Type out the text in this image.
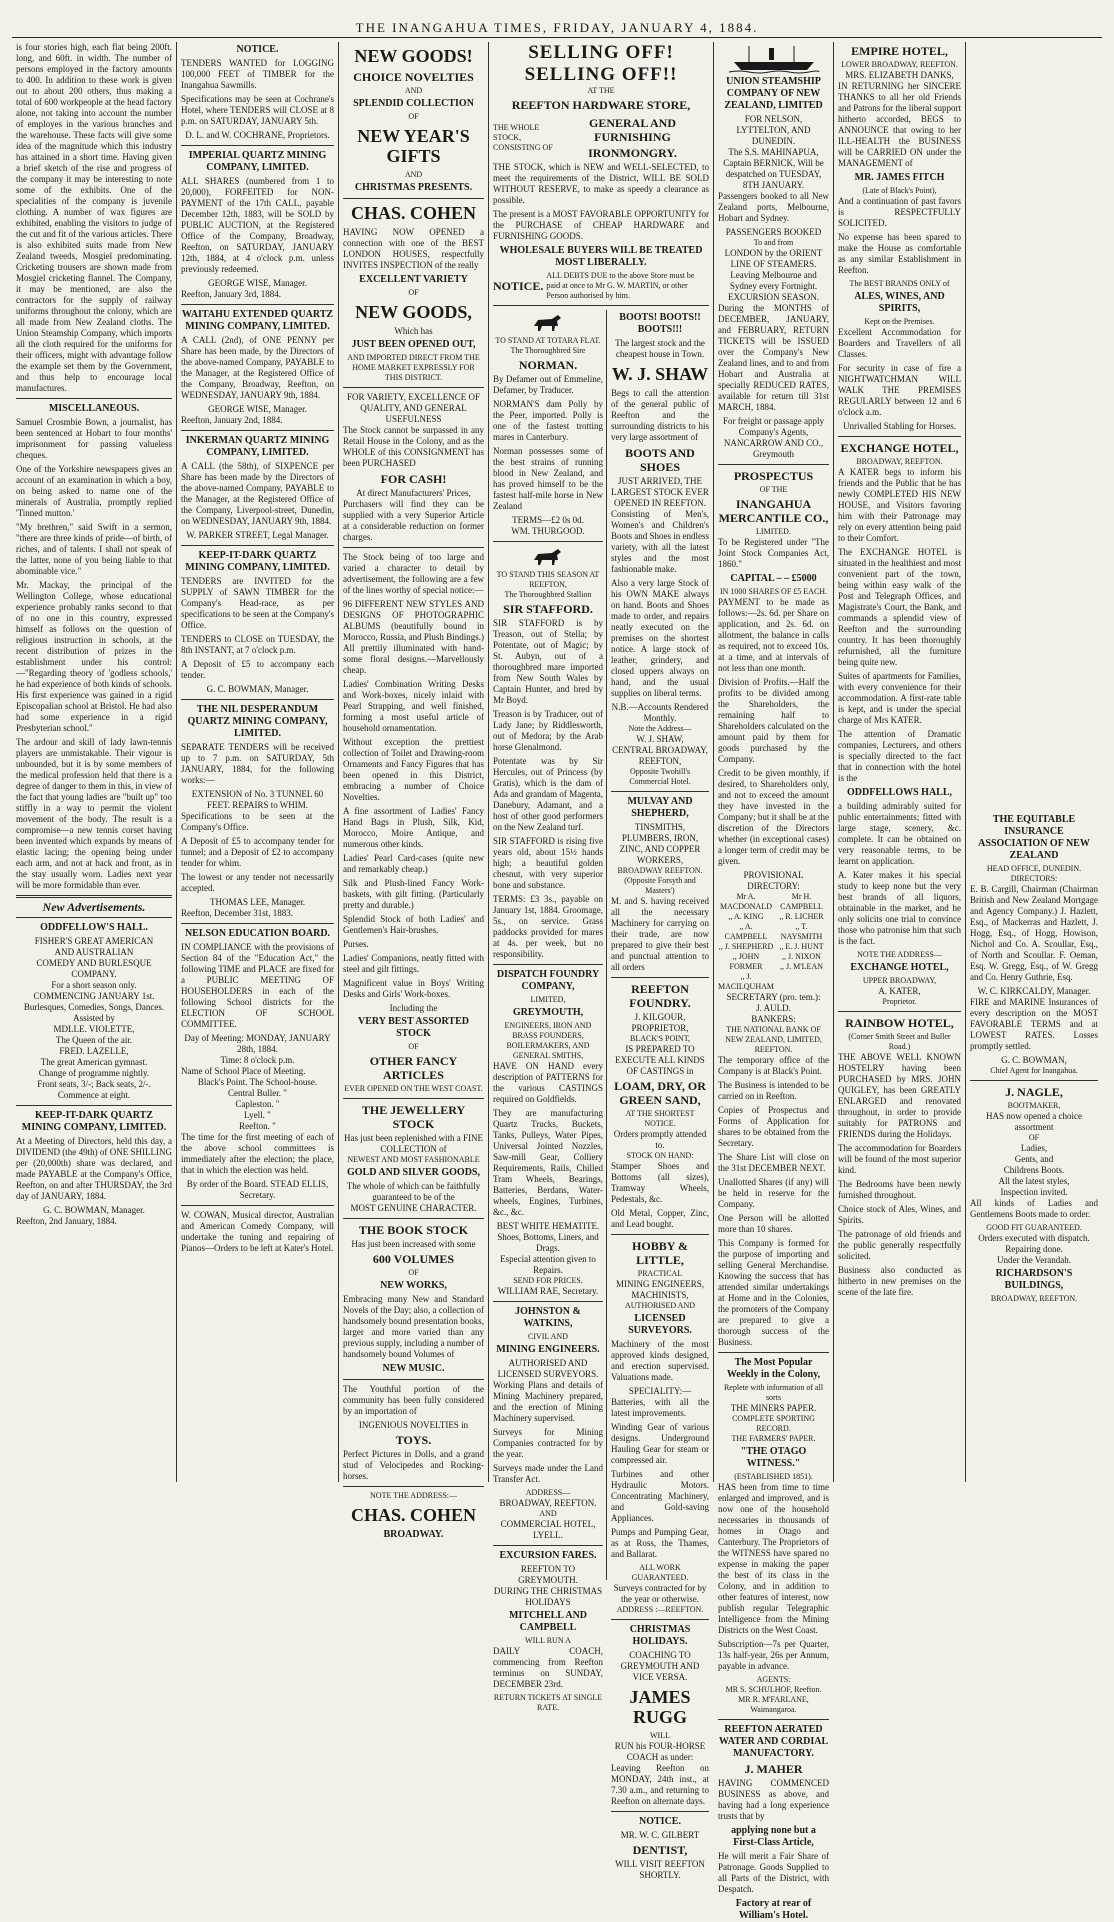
THE INANGAHUA TIMES, FRIDAY, JANUARY 4, 1884.

is four stories high, each flat being 200ft. long, and 60ft. in width. The number of persons employed in the factory amounts to 400. In addition to these work is given out to about 200 others, thus making a total of 600 workpeople at the head factory alone, not taking into account the number of employes in the various branches and the warehouse. These facts will give some idea of the magnitude which this industry has attained in a short time. Having given a brief sketch of the rise and progress of the company it may be interesting to note some of the exhibits. One of the specialities of the company is juvenile clothing. A number of wax figures are exhibited, enabling the visitors to judge of the cut and fit of the various articles. There is also exhibited suits made from New Zealand tweeds, Mosgiel predominating. Cricketing trousers are shown made from Mosgiel cricketing flannel. The Company, it may be mentioned, are also the contractors for the supply of railway uniforms throughout the colony, which are all made from New Zealand cloths. The Union Steamship Company, which imports all the cloth required for the uniforms for their officers, might with advantage follow the example set them by the Government, and thus help to encourage local manufactures.

MISCELLANEOUS.

Samuel Crosmbie Bown, a journalist, has been sentenced at Hobart to four months' imprisonment for passing valueless cheques.

One of the Yorkshire newspapers gives an account of an examination in which a boy, on being asked to name one of the minerals of Australia, promptly replied 'Tinned mutton.'

"My brethren," said Swift in a sermon, "there are three kinds of pride—of birth, of riches, and of talents. I shall not speak of the latter, none of you being liable to that abominable vice."

Mr. Mackay, the principal of the Wellington College, whose educational experience probably ranks second to that of no one in this country, expressed himself as follows on the question of religious instruction in schools, at the recent distribution of prizes in the establishment under his control:—"Regarding theory of 'godless schools,' he had experience of both kinds of schools. His first experience was gained in a rigid Episcopalian school at Bristol. He had also had some experience in a rigid Presbyterian school."

The ardour and skill of lady lawn-tennis players are unmistakable. Their vigour is unbounded, but it is by some members of the medical profession held that there is a degree of danger to them in this, in view of the fact that young ladies are "built up" too stiffly in a way to permit the violent movement of the body. The result is a compromise—a new tennis corset having been invented which expands by means of elastic lacing; the opening being under each arm, and not at back and front, as in the stay usually worn. Ladies next year will be more formidable than ever.

New Advertisements.
ODDFELLOW'S HALL.
FISHER'S GREAT AMERICAN
AND AUSTRALIAN
COMEDY AND BURLESQUE
COMPANY.
For a short season only.
COMMENCING JANUARY 1st.
Burlesques, Comedies, Songs, Dances.
Assisted by
MDLLE. VIOLETTE,
The Queen of the air.
FRED. LAZELLE,
The great American gymnast.
Change of programme nightly.
Front seats, 3/-; Back seats, 2/-.
Commence at eight.
KEEP-IT-DARK QUARTZ MINING COMPANY, LIMITED.

At a Meeting of Directors, held this day, a DIVIDEND (the 49th) of ONE SHILLING per (20,000th) share was declared, and made PAYABLE at the Company's Office, Reefton, on and after THURSDAY, the 3rd day of JANUARY, 1884.

G. C. BOWMAN, Manager.
Reefton, 2nd January, 1884.
NOTICE.

TENDERS WANTED for LOGGING 100,000 FEET of TIMBER for the Inangahua Sawmills.

Specifications may be seen at Cochrane's Hotel, where TENDERS will CLOSE at 8 p.m. on SATURDAY, JANUARY 5th.

D. L. and W. COCHRANE, Proprietors.
IMPERIAL QUARTZ MINING COMPANY, LIMITED.

ALL SHARES (numbered from 1 to 20,000), FORFEITED for NON-PAYMENT of the 17th CALL, payable December 12th, 1883, will be SOLD by PUBLIC AUCTION, at the Registered Office of the Company, Broadway, Reefton, on SATURDAY, JANUARY 12th, 1884, at 4 o'clock p.m. unless previously redeemed.

GEORGE WISE, Manager.
Reefton, January 3rd, 1884.
WAITAHU EXTENDED QUARTZ MINING COMPANY, LIMITED.

A CALL (2nd), of ONE PENNY per Share has been made, by the Directors of the above-named Company, PAYABLE to the Manager, at the Registered Office of the Company, Broadway, Reefton, on WEDNESDAY, JANUARY 9th, 1884.

GEORGE WISE, Manager.
Reefton, January 2nd, 1884.
INKERMAN QUARTZ MINING COMPANY, LIMITED.

A CALL (the 58th), of SIXPENCE per Share has been made by the Directors of the above-named Company, PAYABLE to the Manager, at the Registered Office of the Company, Liverpool-street, Dunedin, on WEDNESDAY, JANUARY 9th, 1884.

W. PARKER STREET, Legal Manager.
KEEP-IT-DARK QUARTZ MINING COMPANY, LIMITED.

TENDERS are INVITED for the SUPPLY of SAWN TIMBER for the Company's Head-race, as per specifications to be seen at the Company's Office.

TENDERS to CLOSE on TUESDAY, the 8th INSTANT, at 7 o'clock p.m.

A Deposit of £5 to accompany each tender.

G. C. BOWMAN, Manager.
THE NIL DESPERANDUM QUARTZ MINING COMPANY, LIMITED.

SEPARATE TENDERS will be received up to 7 p.m. on SATURDAY, 5th JANUARY, 1884, for the following works:—

EXTENSION of No. 3 TUNNEL 60 FEET. REPAIRS to WHIM.

Specifications to be seen at the Company's Office.

A Deposit of £5 to accompany tender for tunnel; and a Deposit of £2 to accompany tender for whim.

The lowest or any tender not necessarily accepted.

THOMAS LEE, Manager.
Reefton, December 31st, 1883.
NELSON EDUCATION BOARD.

IN COMPLIANCE with the provisions of Section 84 of the "Education Act," the following TIME and PLACE are fixed for a PUBLIC MEETING OF HOUSEHOLDERS in each of the following School districts for the ELECTION OF SCHOOL COMMITTEE.

Day of Meeting: MONDAY, JANUARY 28th, 1884.
Time: 8 o'clock p.m.
Name of School Place of Meeting.
Black's Point. The School-house.
Central Buller. "
Capleston. "
Lyell. "
Reefton. "

The time for the first meeting of each of the above school committees is immediately after the election; the place, that in which the election was held.

By order of the Board. STEAD ELLIS, Secretary.

W. COWAN, Musical director, Australian and American Comedy Company, will undertake the tuning and repairing of Pianos—Orders to be left at Kater's Hotel.

NEW GOODS!
CHOICE NOVELTIES
AND
SPLENDID COLLECTION
OF
NEW YEAR'S GIFTS
AND
CHRISTMAS PRESENTS.
CHAS. COHEN

HAVING NOW OPENED a connection with one of the BEST LONDON HOUSES, respectfully INVITES INSPECTION of the really

EXCELLENT VARIETY
OF
NEW GOODS,
Which has
JUST BEEN OPENED OUT,
AND IMPORTED DIRECT FROM THE HOME MARKET EXPRESSLY FOR THIS DISTRICT.
FOR VARIETY, EXCELLENCE OF QUALITY, AND GENERAL USEFULNESS

The Stock cannot be surpassed in any Retail House in the Colony, and as the WHOLE of this CONSIGNMENT has been PURCHASED

FOR CASH!
At direct Manufacturers' Prices,

Purchasers will find they can be supplied with a very Superior Article at a considerable reduction on former charges.

The Stock being of too large and varied a character to detail by advertisement, the following are a few of the lines worthy of special notice:—

96 DIFFERENT NEW STYLES AND DESIGNS OF PHOTOGRAPHIC ALBUMS (beautifully bound in Morocco, Russia, and Plush Bindings.) All prettily illuminated with hand-some floral designs.—Marvellously cheap.

Ladies' Combination Writing Desks and Work-boxes, nicely inlaid with Pearl Strapping, and well finished, forming a most useful article of household ornamentation.

Without exception the prettiest collection of Toilet and Drawing-room Ornaments and Fancy Figures that has been opened in this District, embracing a number of Choice Novelties.

A fine assortment of Ladies' Fancy Hand Bags in Plush, Silk, Kid, Morocco, Moire Antique, and numerous other kinds.

Ladies' Pearl Card-cases (quite new and remarkably cheap.)

Silk and Plush-lined Fancy Work-baskets, with gilt fitting. (Particularly pretty and durable.)

Splendid Stock of both Ladies' and Gentlemen's Hair-brushes.

Purses.

Ladies' Companions, neatly fitted with steel and gilt fittings.

Magnificent value in Boys' Writing Desks and Girls' Work-boxes.

Including the
VERY BEST ASSORTED STOCK
OF
OTHER FANCY ARTICLES
EVER OPENED ON THE WEST COAST.
THE JEWELLERY STOCK
Has just been replenished with a FINE COLLECTION of
NEWEST AND MOST FASHIONABLE
GOLD AND SILVER GOODS,
The whole of which can be faithfully guaranteed to be of the
MOST GENUINE CHARACTER.
THE BOOK STOCK
Has just been increased with some
600 VOLUMES
OF
NEW WORKS,

Embracing many New and Standard Novels of the Day; also, a collection of handsomely bound presentation books, larger and more varied than any previous supply, including a number of handsomely bound Volumes of

NEW MUSIC.

The Youthful portion of the community has been fully considered by an importation of

INGENIOUS NOVELTIES in
TOYS.

Perfect Pictures in Dolls, and a grand stud of Velocipedes and Rocking-horses.

NOTE THE ADDRESS:—
CHAS. COHEN
BROADWAY.
SELLING OFF! SELLING OFF!!
AT THE
REEFTON HARDWARE STORE,
THE WHOLE STOCK, CONSISTING OF
GENERAL AND FURNISHING
IRONMONGRY.

THE STOCK, which is NEW and WELL-SELECTED, to meet the requirements of the District, WILL BE SOLD WITHOUT RESERVE, to make as speedy a clearance as possible.

The present is a MOST FAVORABLE OPPORTUNITY for the PURCHASE of CHEAP HARDWARE and FURNISHING GOODS.

WHOLESALE BUYERS WILL BE TREATED MOST LIBERALLY.
NOTICE.
ALL DEBTS DUE to the above Store must be paid at once to Mr G. W. MARTIN, or other Person authorised by him.
TO STAND AT TOTARA FLAT.
The Thoroughbred Sire
NORMAN.

By Defamer out of Emmeline, Defamer, by Traducer.

NORMAN'S dam Polly by the Peer, imported. Polly is one of the fastest trotting mares in Canterbury.

Norman possesses some of the best strains of running blood in New Zealand, and has proved himself to be the fastest half-mile horse in New Zealand

TERMS—£2 0s 0d.
WM. THURGOOD.
TO STAND THIS SEASON AT REEFTON,
The Thoroughbred Stallion
SIR STAFFORD.

SIR STAFFORD is by Treason, out of Stella; by Potentate, out of Magic; by St. Aubyn, out of a thoroughbred mare imported from New South Wales by Captain Hunter, and bred by Mr Boyd.

Treason is by Traducer, out of Lady Jane; by Riddlesworth, out of Medora; by the Arab horse Glenalmond.

Potentate was by Sir Hercules, out of Princess (by Gratis), which is the dam of Ada and grandam of Magenta, Danebury, Adamant, and a host of other good performers on the New Zealand turf.

SIR STAFFORD is rising five years old, about 15½ hands high; a beautiful golden chesnut, with very superior bone and substance.

TERMS: £3 3s., payable on January 1st, 1884. Groomage, 5s., on service. Grass paddocks provided for mares at 4s. per week, but no responsibility.

DISPATCH FOUNDRY COMPANY,
LIMITED,
GREYMOUTH,
ENGINEERS, IRON AND BRASS FOUNDERS, BOILERMAKERS, AND GENERAL SMITHS,

HAVE ON HAND every description of PATTERNS for the various CASTINGS required on Goldfields.

They are manufacturing Quartz Trucks, Buckets, Tanks, Pulleys, Water Pipes, Universal Jointed Nozzles, Saw-mill Gear, Colliery Requirements, Rails, Chilled Tram Wheels, Bearings, Batteries, Berdans, Water-wheels, Engines, Turbines, &c., &c.

BEST WHITE HEMATITE.
Shoes, Bottoms, Liners, and Drags.
Especial attention given to Repairs.
SEND FOR PRICES.
WILLIAM RAE, Secretary.
JOHNSTON & WATKINS,
CIVIL AND
MINING ENGINEERS.
AUTHORISED AND LICENSED SURVEYORS.

Working Plans and details of Mining Machinery prepared, and the erection of Mining Machinery supervised.

Surveys for Mining Companies contracted for by the year.

Surveys made under the Land Transfer Act.

ADDRESS—
BROADWAY, REEFTON.
AND
COMMERCIAL HOTEL, LYELL.
EXCURSION FARES.
REEFTON TO GREYMOUTH.
DURING THE CHRISTMAS HOLIDAYS
MITCHELL AND CAMPBELL
WILL RUN A

DAILY COACH, commencing from Reefton terminus on SUNDAY, DECEMBER 23rd.

RETURN TICKETS AT SINGLE RATE.
BOOTS! BOOTS!! BOOTS!!!
The largest stock and the cheapest house in Town.
W. J. SHAW

Begs to call the attention of the general public of Reefton and the surrounding districts to his very large assortment of

BOOTS AND SHOES
JUST ARRIVED, THE LARGEST STOCK EVER OPENED IN REEFTON.

Consisting of Men's, Women's and Children's Boots and Shoes in endless variety, with all the latest styles and the most fashionable make.

Also a very large Stock of his OWN MAKE always on hand. Boots and Shoes made to order, and repairs neatly executed on the premises on the shortest notice. A large stock of leather, grindery, and closed uppers always on hand, and the usual supplies on liberal terms.

N.B.—Accounts Rendered Monthly.
Note the Address—
W. J. SHAW,
CENTRAL BROADWAY, REEFTON,
Opposite Twohill's Commercial Hotel.
MULVAY AND SHEPHERD,
TINSMITHS, PLUMBERS, IRON, ZINC, AND COPPER WORKERS,
BROADWAY REEFTON.
(Opposite Forsyth and Masters')

M. and S. having received all the necessary Machinery for carrying on their trade, are now prepared to give their best and punctual attention to all orders

REEFTON FOUNDRY.
J. KILGOUR, PROPRIETOR,
BLACK'S POINT,
IS PREPARED TO EXECUTE ALL KINDS OF CASTINGS in
LOAM, DRY, OR GREEN SAND,
AT THE SHORTEST NOTICE.
Orders promptly attended to.
STOCK ON HAND:

Stamper Shoes and Bottoms (all sizes), Tramway Wheels, Pedestals, &c.

Old Metal, Copper, Zinc, and Lead bought.

HOBBY & LITTLE,
PRACTICAL
MINING ENGINEERS, MACHINISTS,
AUTHORISED AND
LICENSED SURVEYORS.

Machinery of the most approved kinds designed, and erection supervised. Valuations made.

SPECIALITY:—

Batteries, with all the latest improvements.

Winding Gear of various designs. Underground Hauling Gear for steam or compressed air.

Turbines and other Hydraulic Motors. Concentrating Machinery, and Gold-saving Appliances.

Pumps and Pumping Gear, as at Ross, the Thames, and Ballarat.

ALL WORK GUARANTEED.
Surveys contracted for by the year or otherwise.
ADDRESS :—REEFTON.
CHRISTMAS HOLIDAYS.
COACHING TO GREYMOUTH AND VICE VERSA.
JAMES RUGG
WILL
RUN his FOUR-HORSE COACH as under:

Leaving Reefton on MONDAY, 24th inst., at 7.30 a.m., and returning to Reefton on alternate days.

NOTICE.
MR. W. C. GILBERT
DENTIST,
WILL VISIT REEFTON SHORTLY.
UNION STEAMSHIP COMPANY OF NEW ZEALAND, LIMITED
FOR NELSON, LYTTELTON, AND DUNEDIN.
The S.S. MAHINAPUA, Captain BERNICK, Will be despatched on TUESDAY, 8TH JANUARY.

Passengers booked to all New Zealand ports, Melbourne, Hobart and Sydney.

PASSENGERS BOOKED
To and from
LONDON by the ORIENT LINE OF STEAMERS. Leaving Melbourne and Sydney every Fortnight.
EXCURSION SEASON.

During the MONTHS of DECEMBER, JANUARY, and FEBRUARY, RETURN TICKETS will be ISSUED over the Company's New Zealand lines, and to and from Hobart and Australia at specially REDUCED RATES, available for return till 31st MARCH, 1884.

For freight or passage apply Company's Agents,
NANCARROW AND CO., Greymouth
PROSPECTUS
OF THE
INANGAHUA MERCANTILE CO.,
LIMITED.

To be Registered under "The Joint Stock Companies Act, 1860."

CAPITAL – – £5000
IN 1000 SHARES OF £5 EACH.

PAYMENT to be made as follows:—2s. 6d. per Share on application, and 2s. 6d. on allotment, the balance in calls as required, not to exceed 10s. at a time, and at intervals of not less than one month.

Division of Profits.—Half the profits to be divided among the Shareholders, the remaining half to Shareholders calculated on the amount paid by them for goods purchased by the Company.

Credit to be given monthly, if desired, to Shareholders only, and not to exceed the amount they have invested in the Company; but it shall be at the discretion of the Directors whether (in exceptional cases) a longer term of credit may be given.

PROVISIONAL DIRECTORY:
Mr A. MACDONALD
,, A. KING
,, A. CAMPBELL
,, J. SHEPHERD
,, JOHN FORMER
,, J. MACILQUHAM
Mr H. CAMPBELL
,, R. LICHER
,, T. NAYSMITH
,, E. J. HUNT
,, J. NIXON
,, J. M'LEAN
SECRETARY (pro. tem.):
J. AULD.
BANKERS:
THE NATIONAL BANK OF NEW ZEALAND, LIMITED, REEFTON.

The temporary office of the Company is at Black's Point.

The Business is intended to be carried on in Reefton.

Copies of Prospectus and Forms of Application for shares to be obtained from the Secretary.

The Share List will close on the 31st DECEMBER NEXT.

Unallotted Shares (if any) will be held in reserve for the Company.

One Person will be allotted more than 10 shares.

This Company is formed for the purpose of importing and selling General Merchandise. Knowing the success that has attended similar undertakings at Home and in the Colonies, the promoters of the Company are prepared to give a thorough success of the Business.

The Most Popular Weekly in the Colony,
Replete with information of all sorts
THE MINERS PAPER.
COMPLETE SPORTING RECORD.
THE FARMERS' PAPER.
"THE OTAGO WITNESS."
(ESTABLISHED 1851).

HAS been from time to time enlarged and improved, and is now one of the household necessaries in thousands of homes in Otago and Canterbury. The Proprietors of the WITNESS have spared no expense in making the paper the best of its class in the Colony, and in addition to other features of interest, now publish regular Telegraphic Intelligence from the Mining Districts on the West Coast.

Subscription—7s per Quarter, 13s half-year, 26s per Annum, payable in advance.

AGENTS:
MR S. SCHULHOF, Reefton.
MR R. M'FARLANE, Waimangaroa.
REEFTON AERATED WATER AND CORDIAL MANUFACTORY.
J. MAHER

HAVING COMMENCED BUSINESS as above, and having had a long experience trusts that by

applying none but a First-Class Article,

He will merit a Fair Share of Patronage. Goods Supplied to all Parts of the District, with Despatch.

Factory at rear of William's Hotel.
EMPIRE HOTEL,
LOWER BROADWAY, REEFTON.
MRS. ELIZABETH DANKS,

IN RETURNING her SINCERE THANKS to all her old Friends and Patrons for the liberal support hitherto accorded, BEGS to ANNOUNCE that owing to her ILL-HEALTH the BUSINESS will be CARRIED ON under the MANAGEMENT of

MR. JAMES FITCH
(Late of Black's Point),

And a continuation of past favors is RESPECTFULLY SOLICITED.

No expense has been spared to make the House as comfortable as any similar Establishment in Reefton.

The BEST BRANDS ONLY of
ALES, WINES, AND SPIRITS,
Kept on the Premises.

Excellent Accommodation for Boarders and Travellers of all Classes.

For security in case of fire a NIGHTWATCHMAN WILL WALK THE PREMISES REGULARLY between 12 and 6 o'clock a.m.

Unrivalled Stabling for Horses.
EXCHANGE HOTEL,
BROADWAY, REEFTON.

A KATER begs to inform his friends and the Public that he has newly COMPLETED HIS NEW HOUSE, and Visitors favoring him with their Patronage may rely on every attention being paid to their Comfort.

The EXCHANGE HOTEL is situated in the healthiest and most convenient part of the town, being within easy walk of the Post and Telegraph Offices, and Magistrate's Court, the Bank, and commands a splendid view of Reefton and the surrounding country. It has been thoroughly refurnished, all the furniture being quite new.

Suites of apartments for Families, with every convenience for their accommodation. A first-rate table is kept, and is under the special charge of Mrs KATER.

The attention of Dramatic companies, Lecturers, and others is specially directed to the fact that in connection with the hotel is the

ODDFELLOWS HALL,

a building admirably suited for public entertainments; fitted with large stage, scenery, &c. complete. It can be obtained on very reasonable terms, to be learnt on application.

A. Kater makes it his special study to keep none but the very best brands of all liquors, obtainable in the market, and he only solicits one trial to convince those who patronise him that such is the fact.

NOTE THE ADDRESS—
EXCHANGE HOTEL,
UPPER BROADWAY,
A. KATER,
Proprietor.
RAINBOW HOTEL,
(Corner Smith Street and Buller Road.)

THE ABOVE WELL KNOWN HOSTELRY having been PURCHASED by MRS. JOHN QUIGLEY, has been GREATLY ENLARGED and renovated throughout, in order to provide suitably for PATRONS and FRIENDS during the Holidays.

The accommodation for Boarders will be found of the most superior kind.

The Bedrooms have been newly furnished throughout.

Choice stock of Ales, Wines, and Spirits.

The patronage of old friends and the public generally respectfully solicited.

Business also conducted as hitherto in new premises on the scene of the late fire.

THE EQUITABLE INSURANCE ASSOCIATION OF NEW ZEALAND
HEAD OFFICE, DUNEDIN.
DIRECTORS:

E. B. Cargill, Chairman (Chairman British and New Zealand Mortgage and Agency Company.) J. Hazlett, Esq., of Mackerras and Hazlett, J. Hogg, Esq., of Hogg, Howison, Nichol and Co. A. Scoullar, Esq., of North and Scoullar. F. Oeman, Esq. W. Gregg, Esq., of W. Gregg and Co. Henry Guthrie, Esq.

W. C. KIRKCALDY, Manager.

FIRE and MARINE Insurances of every description on the MOST FAVORABLE TERMS and at LOWEST RATES. Losses promptly settled.

G. C. BOWMAN,
Chief Agent for Inangahua.
J. NAGLE,
BOOTMAKER,
HAS now opened a choice assortment
OF
Ladies,
Gents, and
Childrens Boots.
All the latest styles,
Inspection invited.

All kinds of Ladies and Gentlemens Boots made to order.

GOOD FIT GUARANTEED.
Orders executed with dispatch.
Repairing done.
Under the Verandah.
RICHARDSON'S BUILDINGS,
BROADWAY, REEFTON.
